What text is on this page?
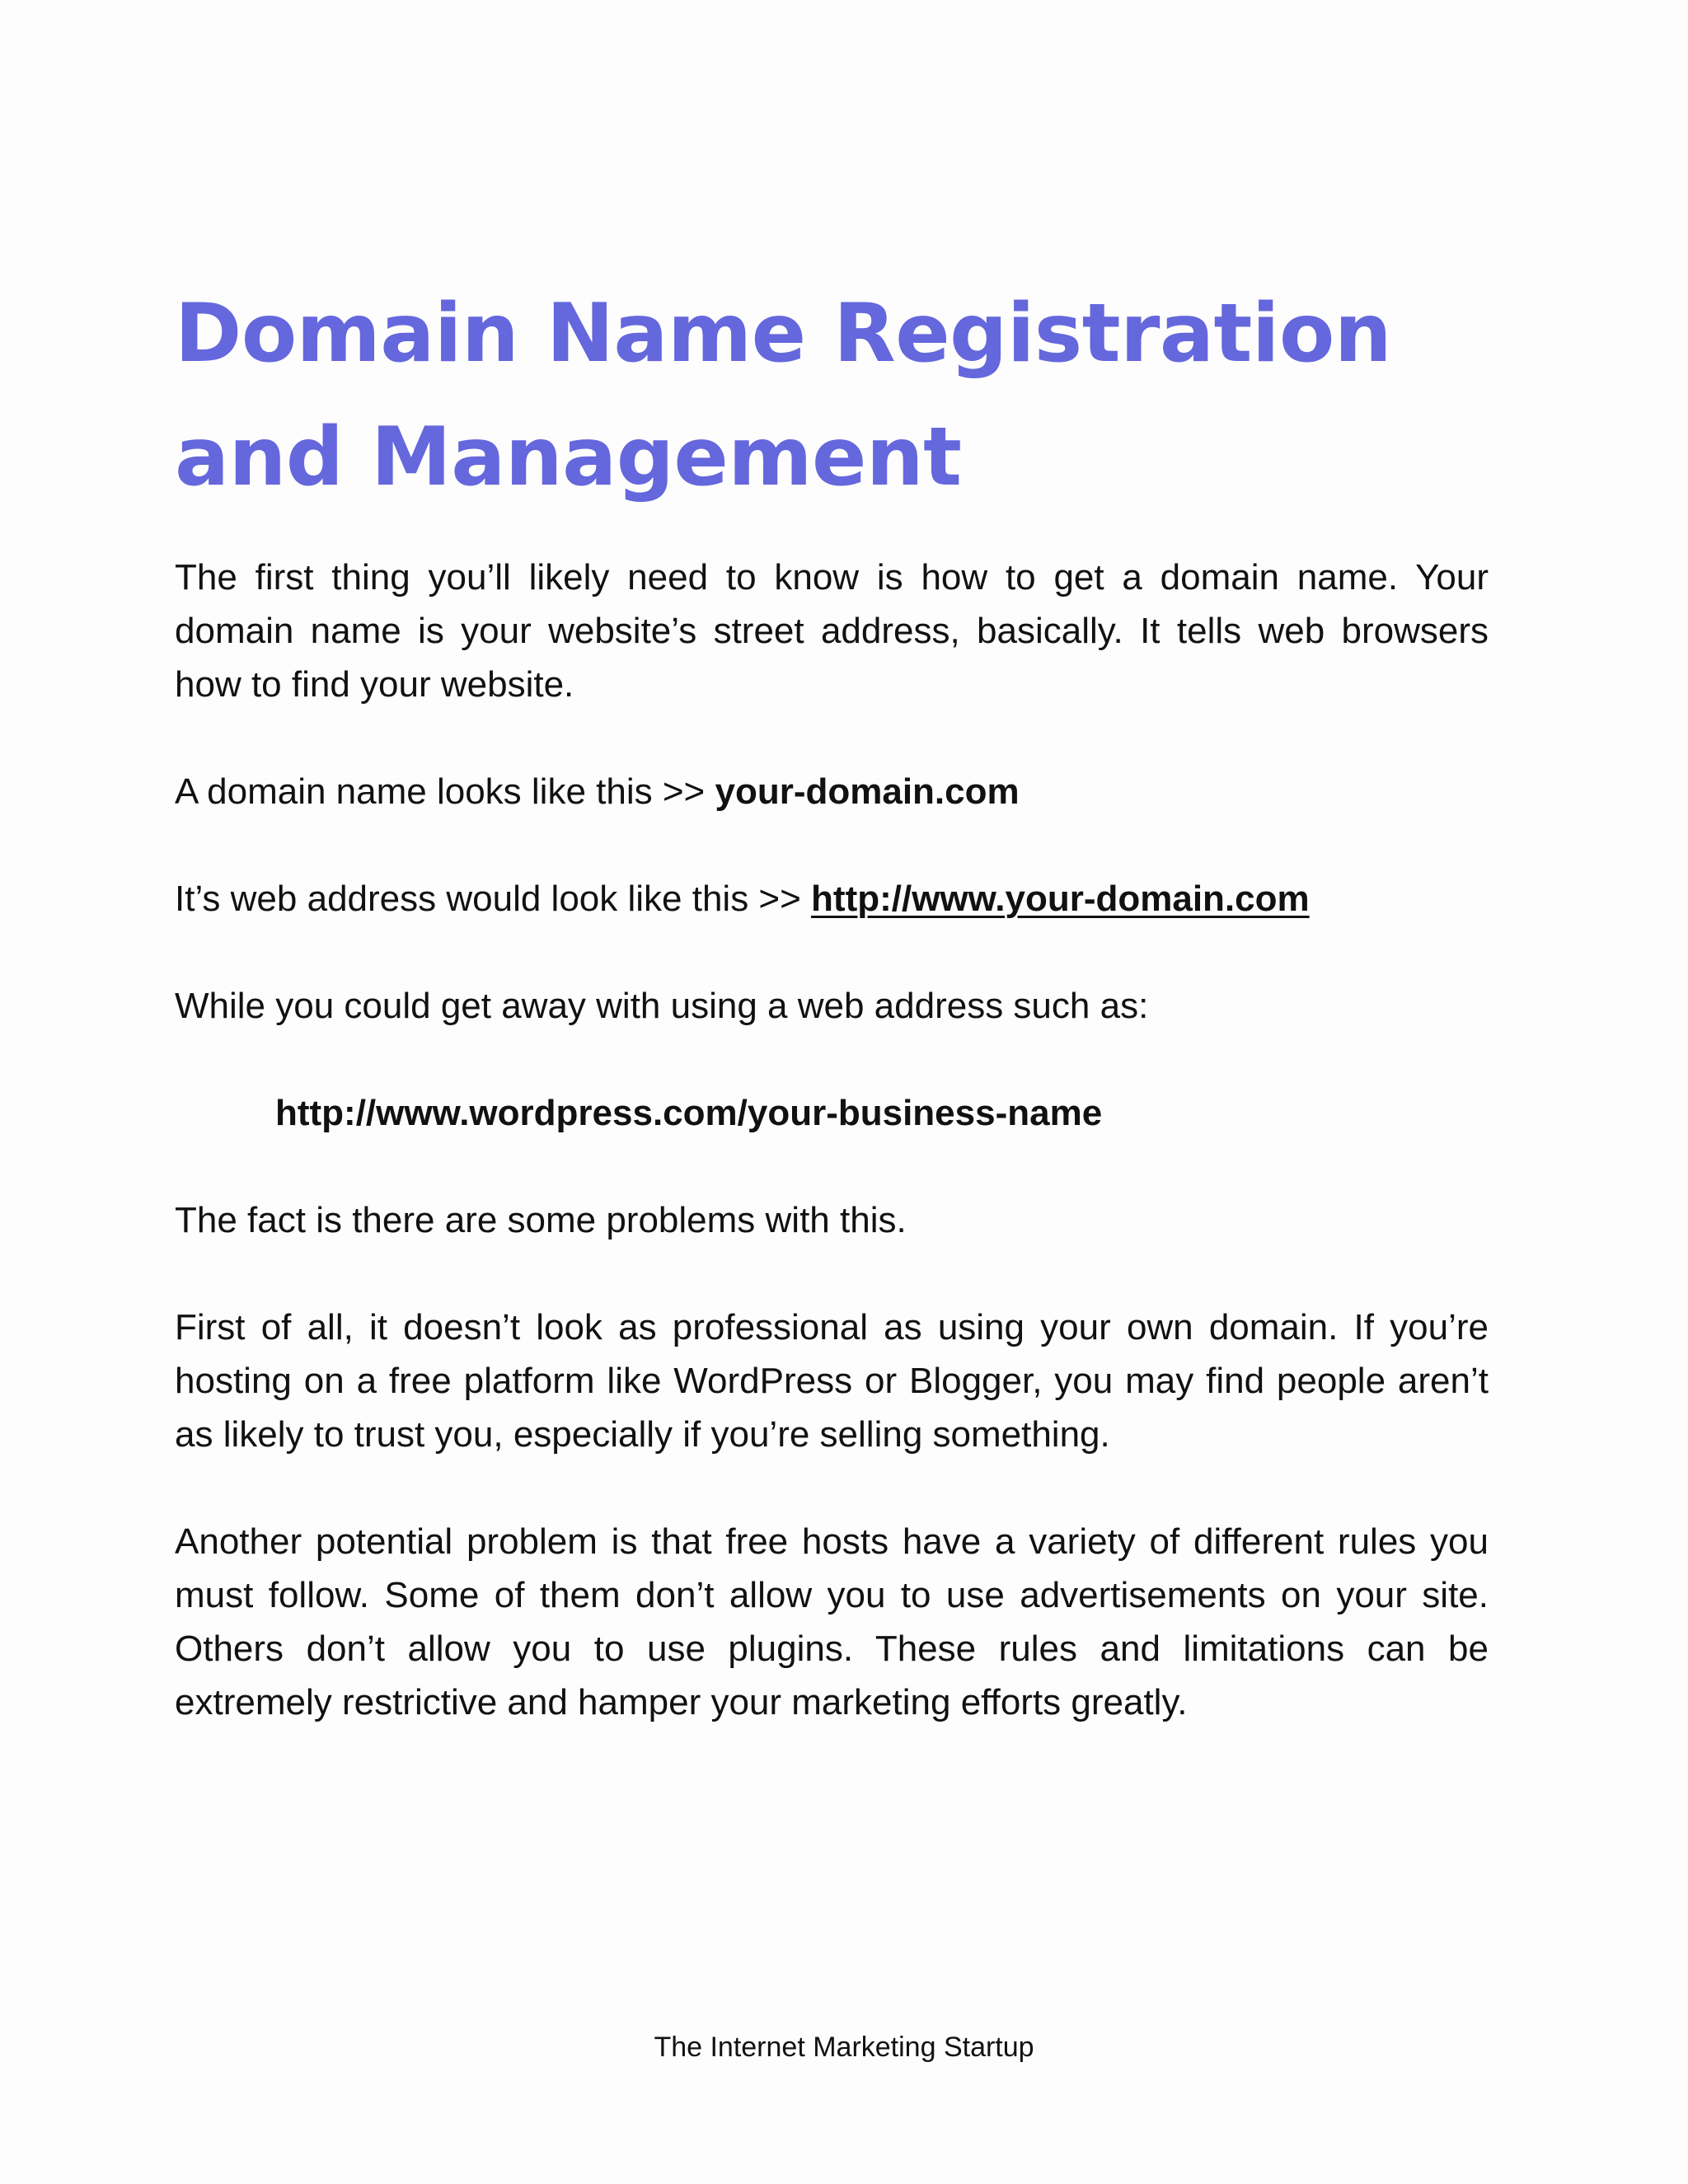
Domain Name Registration and Management

The first thing you’ll likely need to know is how to get a domain name. Your domain name is your website’s street address, basically. It tells web browsers how to find your website.

A domain name looks like this >> your-domain.com

It’s web address would look like this >> http://www.your-domain.com

While you could get away with using a web address such as:

http://www.wordpress.com/your-business-name

The fact is there are some problems with this.

First of all, it doesn’t look as professional as using your own domain. If you’re hosting on a free platform like WordPress or Blogger, you may find people aren’t as likely to trust you, especially if you’re selling something.

Another potential problem is that free hosts have a variety of different rules you must follow. Some of them don’t allow you to use advertisements on your site. Others don’t allow you to use plugins. These rules and limitations can be extremely restrictive and hamper your marketing efforts greatly.

The Internet Marketing Startup
